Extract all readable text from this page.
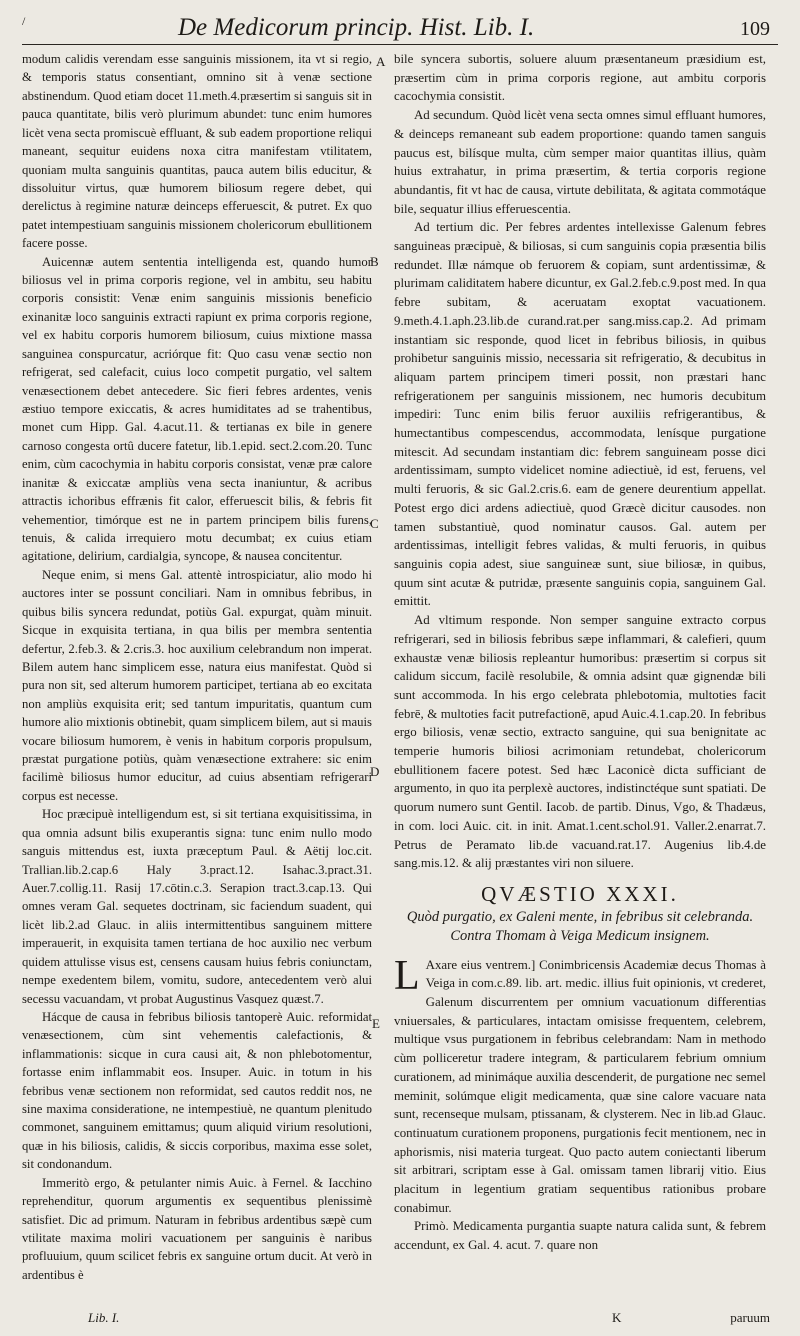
/	De Medicorum princip. Hist. Lib. I.	109

modum calidis verendam esse sanguinis missionem, ita vt si regio, & temporis status consentiant, omnino sit à venæ sectione abstinendum. Quod etiam docet 11.meth.4.præsertim si sanguis sit in pauca quantitate, bilis verò plurimum abundet: tunc enim humores licèt vena secta promiscuè effluant, & sub eadem proportione reliqui maneant, sequitur euidens noxa citra manifestam vtilitatem, quoniam multa sanguinis quantitas, pauca autem bilis educitur, & dissoluitur virtus, quæ humorem biliosum regere debet, qui derelictus à regimine naturæ deinceps efferuescit, & putret. Ex quo patet intempestiuam sanguinis missionem cholericorum ebullitionem facere posse.

Auicennæ autem sententia intelligenda est, quando humor biliosus vel in prima corporis regione, vel in ambitu, seu habitu corporis consistit: Venæ enim sanguinis missionis beneficio exinanitæ loco sanguinis extracti rapiunt ex prima corporis regione, vel ex habitu corporis humorem biliosum, cuius mixtione massa sanguinea conspurcatur, acriórque fit: Quo casu venæ sectio non refrigerat, sed calefacit, cuius loco competit purgatio, vel saltem venæsectionem debet antecedere. Sic fieri febres ardentes, venis æstiuo tempore exiccatis, & acres humiditates ad se trahentibus, monet cum Hipp. Gal. 4.acut.11. & tertianas ex bile in genere carnoso congesta ortû ducere fatetur, lib.1.epid. sect.2.com.20. Tunc enim, cùm cacochymia in habitu corporis consistat, venæ præ calore inanitæ & exiccatæ ampliùs vena secta inaniuntur, & acribus attractis ichoribus effrænis fit calor, efferuescit bilis, & febris fit vehementior, timórque est ne in partem principem bilis furens, tenuis, & calida irrequiero motu decumbat; ex cuius etiam agitatione, delirium, cardialgia, syncope, & nausea concitentur.

Neque enim, si mens Gal. attentè introspiciatur, alio modo hi auctores inter se possunt conciliari. Nam in omnibus febribus, in quibus bilis syncera redundat, potiùs Gal. expurgat, quàm minuit. Sicque in exquisita tertiana, in qua bilis per membra sententia defertur, 2.feb.3. & 2.cris.3. hoc auxilium celebrandum non imperat. Bilem autem hanc simplicem esse, natura eius manifestat. Quòd si pura non sit, sed alterum humorem participet, tertiana ab eo excitata non ampliùs exquisita erit; sed tantum impuritatis, quantum cum humore alio mixtionis obtinebit, quam simplicem bilem, aut si mauis vocare biliosum humorem, è venis in habitum corporis propulsum, præstat purgatione potiùs, quàm venæsectione extrahere: sic enim facilimè biliosus humor educitur, ad cuius absentiam refrigerari corpus est necesse.

Hoc præcipuè intelligendum est, si sit tertiana exquisitissima, in qua omnia adsunt bilis exuperantis signa: tunc enim nullo modo sanguis mittendus est, iuxta præceptum Paul. & Aëtij loc.cit. Trallian.lib.2.cap.6 Haly 3.pract.12. Isahac.3.pract.31. Auer.7.collig.11. Rasij 17.cōtin.c.3. Serapion tract.3.cap.13. Qui omnes veram Gal. sequetes doctrinam, sic faciendum suadent, qui licèt lib.2.ad Glauc. in aliis intermittentibus sanguinem mittere imperauerit, in exquisita tamen tertiana de hoc auxilio nec verbum quidem attulisse visus est, censens causam huius febris coniunctam, nempe exedentem bilem, vomitu, sudore, antecedentem verò alui secessu vacuandam, vt probat Augustinus Vasquez quæst.7.

Hácque de causa in febribus biliosis tantoperè Auic. reformidat venæsectionem, cùm sint vehementis calefactionis, & inflammationis: sicque in cura causi ait, & non phlebotomentur, fortasse enim inflammabit eos. Insuper. Auic. in totum in his febribus venæ sectionem non reformidat, sed cautos reddit nos, ne sine maxima consideratione, ne intempestiuè, ne quantum plenitudo commonet, sanguinem emittamus; quum aliquid virium resolutioni, quæ in his biliosis, calidis, & siccis corporibus, maxima esse solet, sit condonandum.

Immeritò ergo, & petulanter nimis Auic. à Fernel. & Iacchino reprehenditur, quorum argumentis ex sequentibus plenissimè satisfiet. Dic ad primum. Naturam in febribus ardentibus sæpè cum vtilitate maxima moliri vacuationem per sanguinis è naribus profluuium, quum scilicet febris ex sanguine ortum ducit. At verò in ardentibus è

A
B
C
D
E

bile syncera subortis, soluere aluum præsentaneum præsidium est, præsertim cùm in prima corporis regione, aut ambitu corporis cacochymia consistit.

Ad secundum. Quòd licèt vena secta omnes simul effluant humores, & deinceps remaneant sub eadem proportione: quando tamen sanguis paucus est, bilísque multa, cùm semper maior quantitas illius, quàm huius extrahatur, in prima præsertim, & tertia corporis regione abundantis, fit vt hac de causa, virtute debilitata, & agitata commotáque bile, sequatur illius efferuescentia.

Ad tertium dic. Per febres ardentes intellexisse Galenum febres sanguineas præcipuè, & biliosas, si cum sanguinis copia præsentia bilis redundet. Illæ námque ob feruorem & copiam, sunt ardentissimæ, & plurimam caliditatem habere dicuntur, ex Gal.2.feb.c.9.post med. In qua febre subitam, & aceruatam exoptat vacuationem. 9.meth.4.1.aph.23.lib.de curand.rat.per sang.miss.cap.2. Ad primam instantiam sic responde, quod licet in febribus biliosis, in quibus prohibetur sanguinis missio, necessaria sit refrigeratio, & decubitus in aliquam partem principem timeri possit, non præstari hanc refrigerationem per sanguinis missionem, nec humoris decubitum impediri: Tunc enim bilis feruor auxiliis refrigerantibus, & humectantibus compescendus, accommodata, lenísque purgatione mitescit. Ad secundam instantiam dic: febrem sanguineam posse dici ardentissimam, sumpto videlicet nomine adiectiuè, id est, feruens, vel multi feruoris, & sic Gal.2.cris.6. eam de genere deurentium appellat. Potest ergo dici ardens adiectiuè, quod Græcè dicitur causodes. non tamen substantiuè, quod nominatur causos. Gal. autem per ardentissimas, intelligit febres validas, & multi feruoris, in quibus sanguinis copia adest, siue sanguineæ sunt, siue biliosæ, in quibus, quum sint acutæ & putridæ, præsente sanguinis copia, sanguinem Gal. emittit.

Ad vltimum responde. Non semper sanguine extracto corpus refrigerari, sed in biliosis febribus sæpe inflammari, & calefieri, quum exhaustæ venæ biliosis repleantur humoribus: præsertim si corpus sit calidum siccum, facilè resolubile, & omnia adsint quæ gignendæ bili sunt accommoda. In his ergo celebrata phlebotomia, multoties facit febrē, & multoties facit putrefactionē, apud Auic.4.1.cap.20. In febribus ergo biliosis, venæ sectio, extracto sanguine, qui sua benignitate ac temperie humoris biliosi acrimoniam retundebat, cholericorum ebullitionem facere potest. Sed hæc Laconicè dicta sufficiant de argumento, in quo ita perplexè auctores, indistinctéque sunt spatiati. De quorum numero sunt Gentil. Iacob. de partib. Dinus, Vgo, & Thadæus, in com. loci Auic. cit. in init. Amat.1.cent.schol.91. Valler.2.enarrat.7. Petrus de Peramato lib.de vacuand.rat.17. Augenius lib.4.de sang.mis.12. & alij præstantes viri non siluere.

QVÆSTIO XXXI.
Quòd purgatio, ex Galeni mente, in febribus sit celebranda. Contra Thomam à Veiga Medicum insignem.
L Axare eius ventrem.] Conimbricensis Academiæ decus Thomas à Veiga in com.c.89. lib. art. medic. illius fuit opinionis, vt crederet, Galenum discurrentem per omnium vacuationum differentias vniuersales, & particulares, intactam omisisse frequentem, celebrem, multique vsus purgationem in febribus celebrandam: Nam in methodo cùm polliceretur tradere integram, & particularem febrium omnium curationem, ad minimáque auxilia descenderit, de purgatione nec semel meminit, solúmque eligit medicamenta, quæ sine calore vacuare nata sunt, recenseque mulsam, ptissanam, & clysterem. Nec in lib.ad Glauc. continuatum curationem proponens, purgationis fecit mentionem, nec in aphorismis, nisi materia turgeat. Quo pacto autem coniectanti liberum sit arbitrari, scriptam esse à Gal. omissam tamen librarij vitio. Eius placitum in legentium gratiam sequentibus rationibus probare conabimur.

Primò. Medicamenta purgantia suapte natura calida sunt, & febrem accendunt, ex Gal. 4. acut. 7. quare non

Lib. I.	K	paruum
